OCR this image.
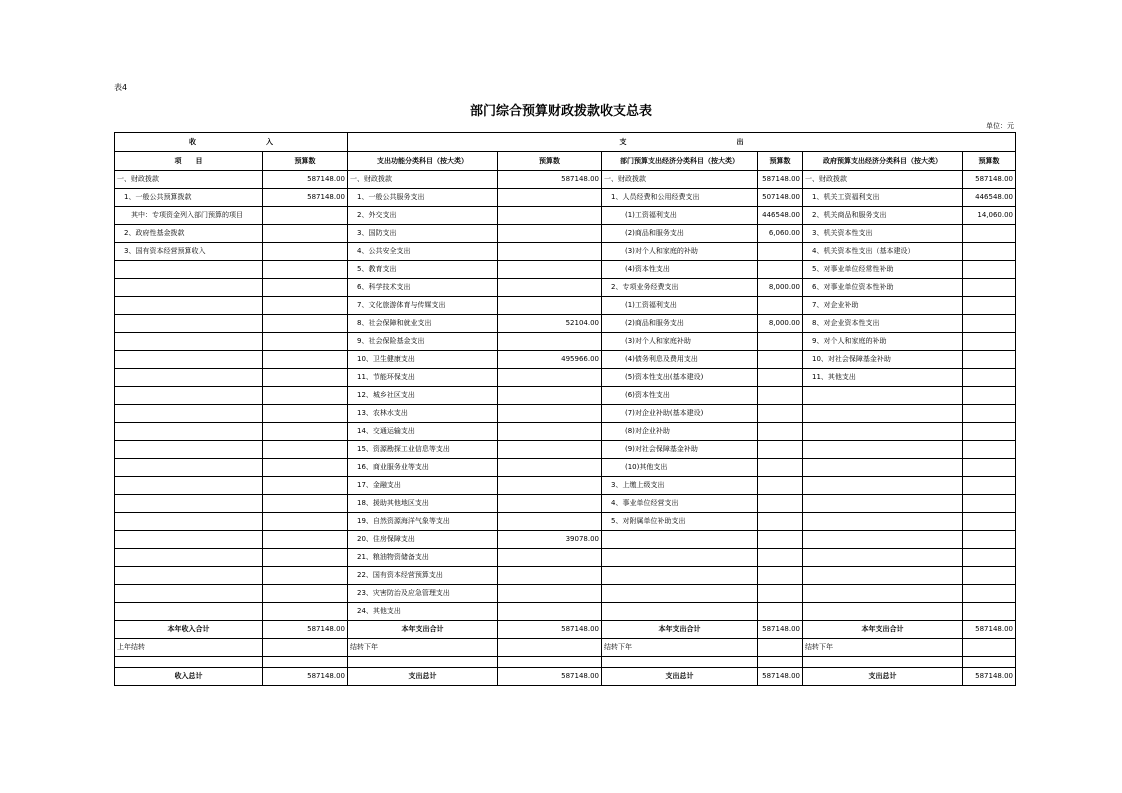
表4
部门综合预算财政拨款收支总表
单位：元
收 入		支 出					
项　　目	预算数	支出功能分类科目（按大类）	预算数	部门预算支出经济分类科目（按大类）	预算数	政府预算支出经济分类科目（按大类）	预算数
一、财政拨款	587148.00	一、财政拨款	587148.00	一、财政拨款	587148.00	一、财政拨款	587148.00
　1、一般公共预算拨款	587148.00	　1、一般公共服务支出		　1、人员经费和公用经费支出	507148.00	　1、机关工资福利支出	446548.00
　　其中：专项资金列入部门预算的项目		　2、外交支出		　　　(1)工资福利支出	446548.00	　2、机关商品和服务支出	14,060.00
　2、政府性基金拨款		　3、国防支出		　　　(2)商品和服务支出	6,060.00	　3、机关资本性支出	
　3、国有资本经营预算收入		　4、公共安全支出		　　　(3)对个人和家庭的补助		　4、机关资本性支出（基本建设）	
		　5、教育支出		　　　(4)资本性支出		　5、对事业单位经常性补助	
		　6、科学技术支出		　2、专项业务经费支出	8,000.00	　6、对事业单位资本性补助	
		　7、文化旅游体育与传媒支出		　　　(1)工资福利支出		　7、对企业补助	
		　8、社会保障和就业支出	52104.00	　　　(2)商品和服务支出	8,000.00	　8、对企业资本性支出	
		　9、社会保险基金支出		　　　(3)对个人和家庭补助		　9、对个人和家庭的补助	
		　10、卫生健康支出	495966.00	　　　(4)债务利息及费用支出		　10、对社会保障基金补助	
		　11、节能环保支出		　　　(5)资本性支出(基本建设)		　11、其他支出	
		　12、城乡社区支出		　　　(6)资本性支出			
		　13、农林水支出		　　　(7)对企业补助(基本建设)			
		　14、交通运输支出		　　　(8)对企业补助			
		　15、资源勘探工业信息等支出		　　　(9)对社会保障基金补助			
		　16、商业服务业等支出		　　　(10)其他支出			
		　17、金融支出		　3、上缴上级支出			
		　18、援助其他地区支出		　4、事业单位经营支出			
		　19、自然资源海洋气象等支出		　5、对附属单位补助支出			
		　20、住房保障支出	39078.00				
		　21、粮油物资储备支出					
		　22、国有资本经营预算支出					
		　23、灾害防治及应急管理支出					
		　24、其他支出					
本年收入合计	587148.00	本年支出合计	587148.00	本年支出合计	587148.00	本年支出合计	587148.00
上年结转		结转下年		结转下年		结转下年	

收入总计	587148.00	支出总计	587148.00	支出总计	587148.00	支出总计	587148.00
